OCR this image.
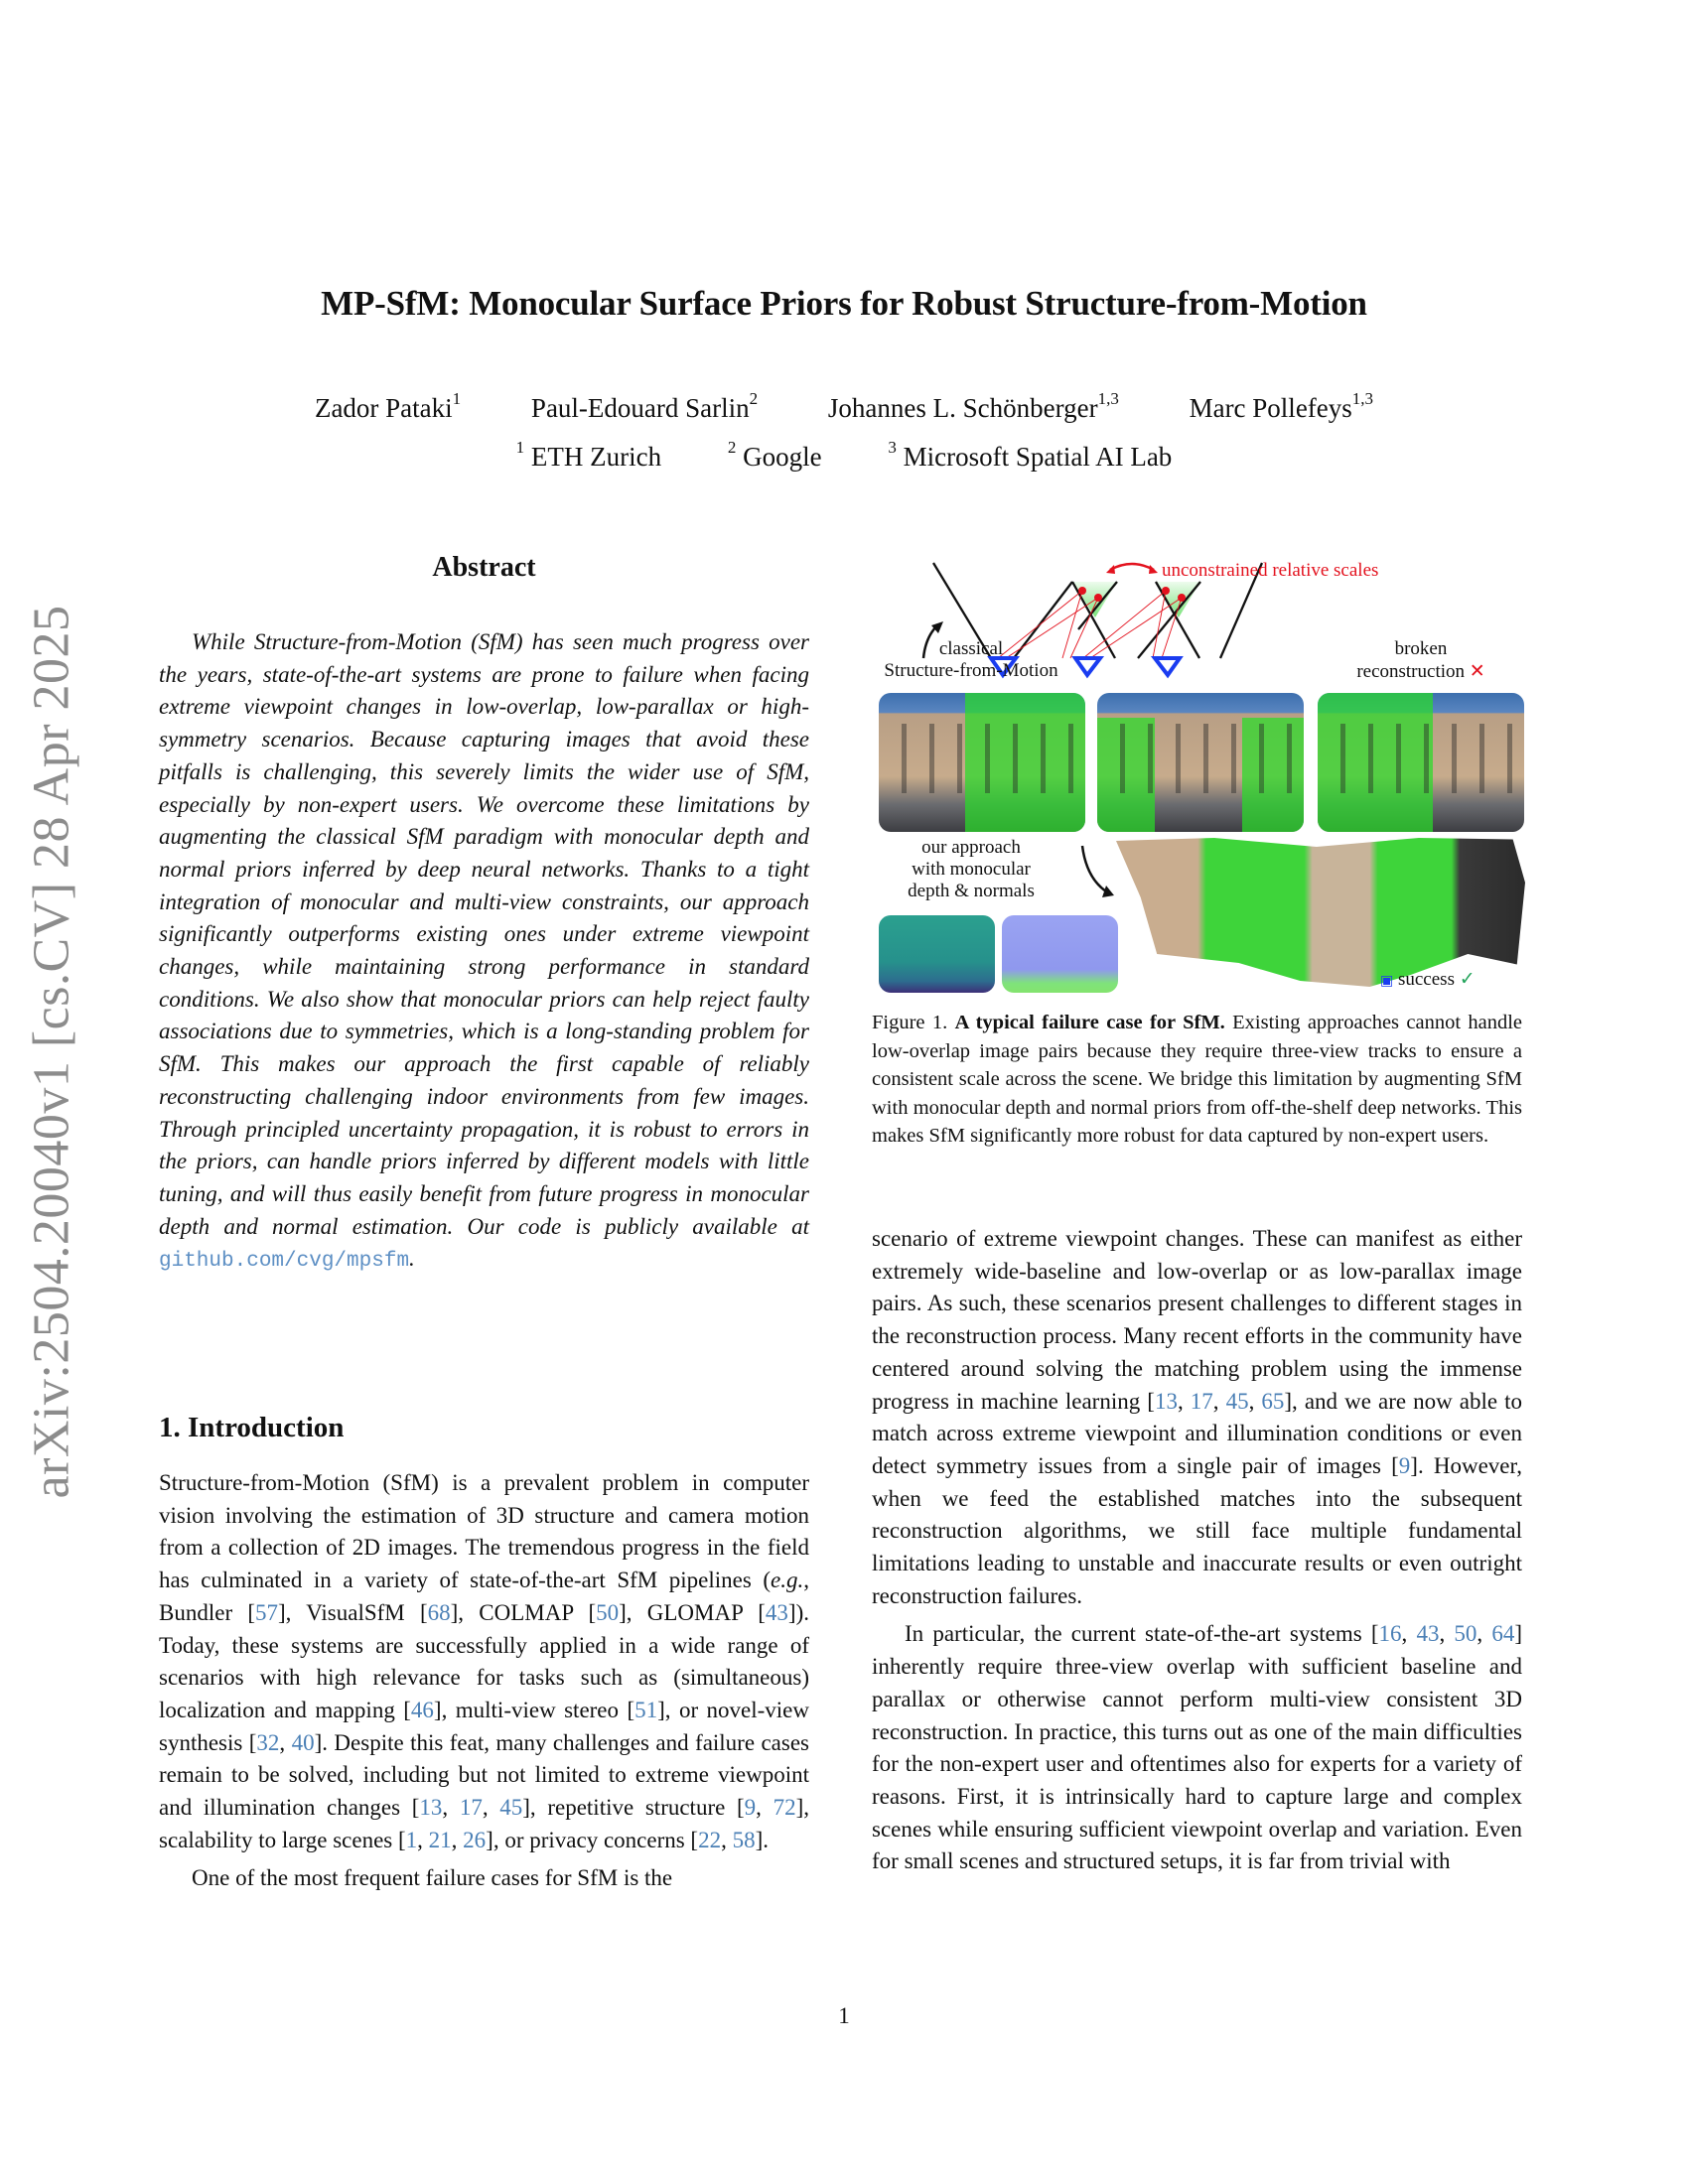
arXiv:2504.20040v1 [cs.CV] 28 Apr 2025
MP-SfM: Monocular Surface Priors for Robust Structure-from-Motion
Zador Pataki$^1$	Paul-Edouard Sarlin$^2$	Johannes L. Schönberger$^{1,3}$	Marc Pollefeys$^{1,3}$
$^1$ ETH Zurich	$^2$ Google	$^3$ Microsoft Spatial AI Lab
Abstract

While Structure-from-Motion (SfM) has seen much progress over the years, state-of-the-art systems are prone to failure when facing extreme viewpoint changes in low-overlap, low-parallax or high-symmetry scenarios. Because capturing images that avoid these pitfalls is challenging, this severely limits the wider use of SfM, especially by non-expert users. We overcome these limitations by augmenting the classical SfM paradigm with monocular depth and normal priors inferred by deep neural networks. Thanks to a tight integration of monocular and multi-view constraints, our approach significantly outperforms existing ones under extreme viewpoint changes, while maintaining strong performance in standard conditions. We also show that monocular priors can help reject faulty associations due to symmetries, which is a long-standing problem for SfM. This makes our approach the first capable of reliably reconstructing challenging indoor environments from few images. Through principled uncertainty propagation, it is robust to errors in the priors, can handle priors inferred by different models with little tuning, and will thus easily benefit from future progress in monocular depth and normal estimation. Our code is publicly available at github.com/cvg/mpsfm.

1. Introduction

Structure-from-Motion (SfM) is a prevalent problem in computer vision involving the estimation of 3D structure and camera motion from a collection of 2D images. The tremendous progress in the field has culminated in a variety of state-of-the-art SfM pipelines (e.g., Bundler [57], VisualSfM [68], COLMAP [50], GLOMAP [43]). Today, these systems are successfully applied in a wide range of scenarios with high relevance for tasks such as (simultaneous) localization and mapping [46], multi-view stereo [51], or novel-view synthesis [32, 40]. Despite this feat, many challenges and failure cases remain to be solved, including but not limited to extreme viewpoint and illumination changes [13, 17, 45], repetitive structure [9, 72], scalability to large scenes [1, 21, 26], or privacy concerns [22, 58].

One of the most frequent failure cases for SfM is the

unconstrained relative scales
classical
Structure-from-Motion
broken
reconstruction ✕
our approach
with monocular
depth & normals
▣ success ✓
Figure 1. A typical failure case for SfM. Existing approaches cannot handle low-overlap image pairs because they require three-view tracks to ensure a consistent scale across the scene. We bridge this limitation by augmenting SfM with monocular depth and normal priors from off-the-shelf deep networks. This makes SfM significantly more robust for data captured by non-expert users.

scenario of extreme viewpoint changes. These can manifest as either extremely wide-baseline and low-overlap or as low-parallax image pairs. As such, these scenarios present challenges to different stages in the reconstruction process. Many recent efforts in the community have centered around solving the matching problem using the immense progress in machine learning [13, 17, 45, 65], and we are now able to match across extreme viewpoint and illumination conditions or even detect symmetry issues from a single pair of images [9]. However, when we feed the established matches into the subsequent reconstruction algorithms, we still face multiple fundamental limitations leading to unstable and inaccurate results or even outright reconstruction failures.

In particular, the current state-of-the-art systems [16, 43, 50, 64] inherently require three-view overlap with sufficient baseline and parallax or otherwise cannot perform multi-view consistent 3D reconstruction. In practice, this turns out as one of the main difficulties for the non-expert user and oftentimes also for experts for a variety of reasons. First, it is intrinsically hard to capture large and complex scenes while ensuring sufficient viewpoint overlap and variation. Even for small scenes and structured setups, it is far from trivial with

1
